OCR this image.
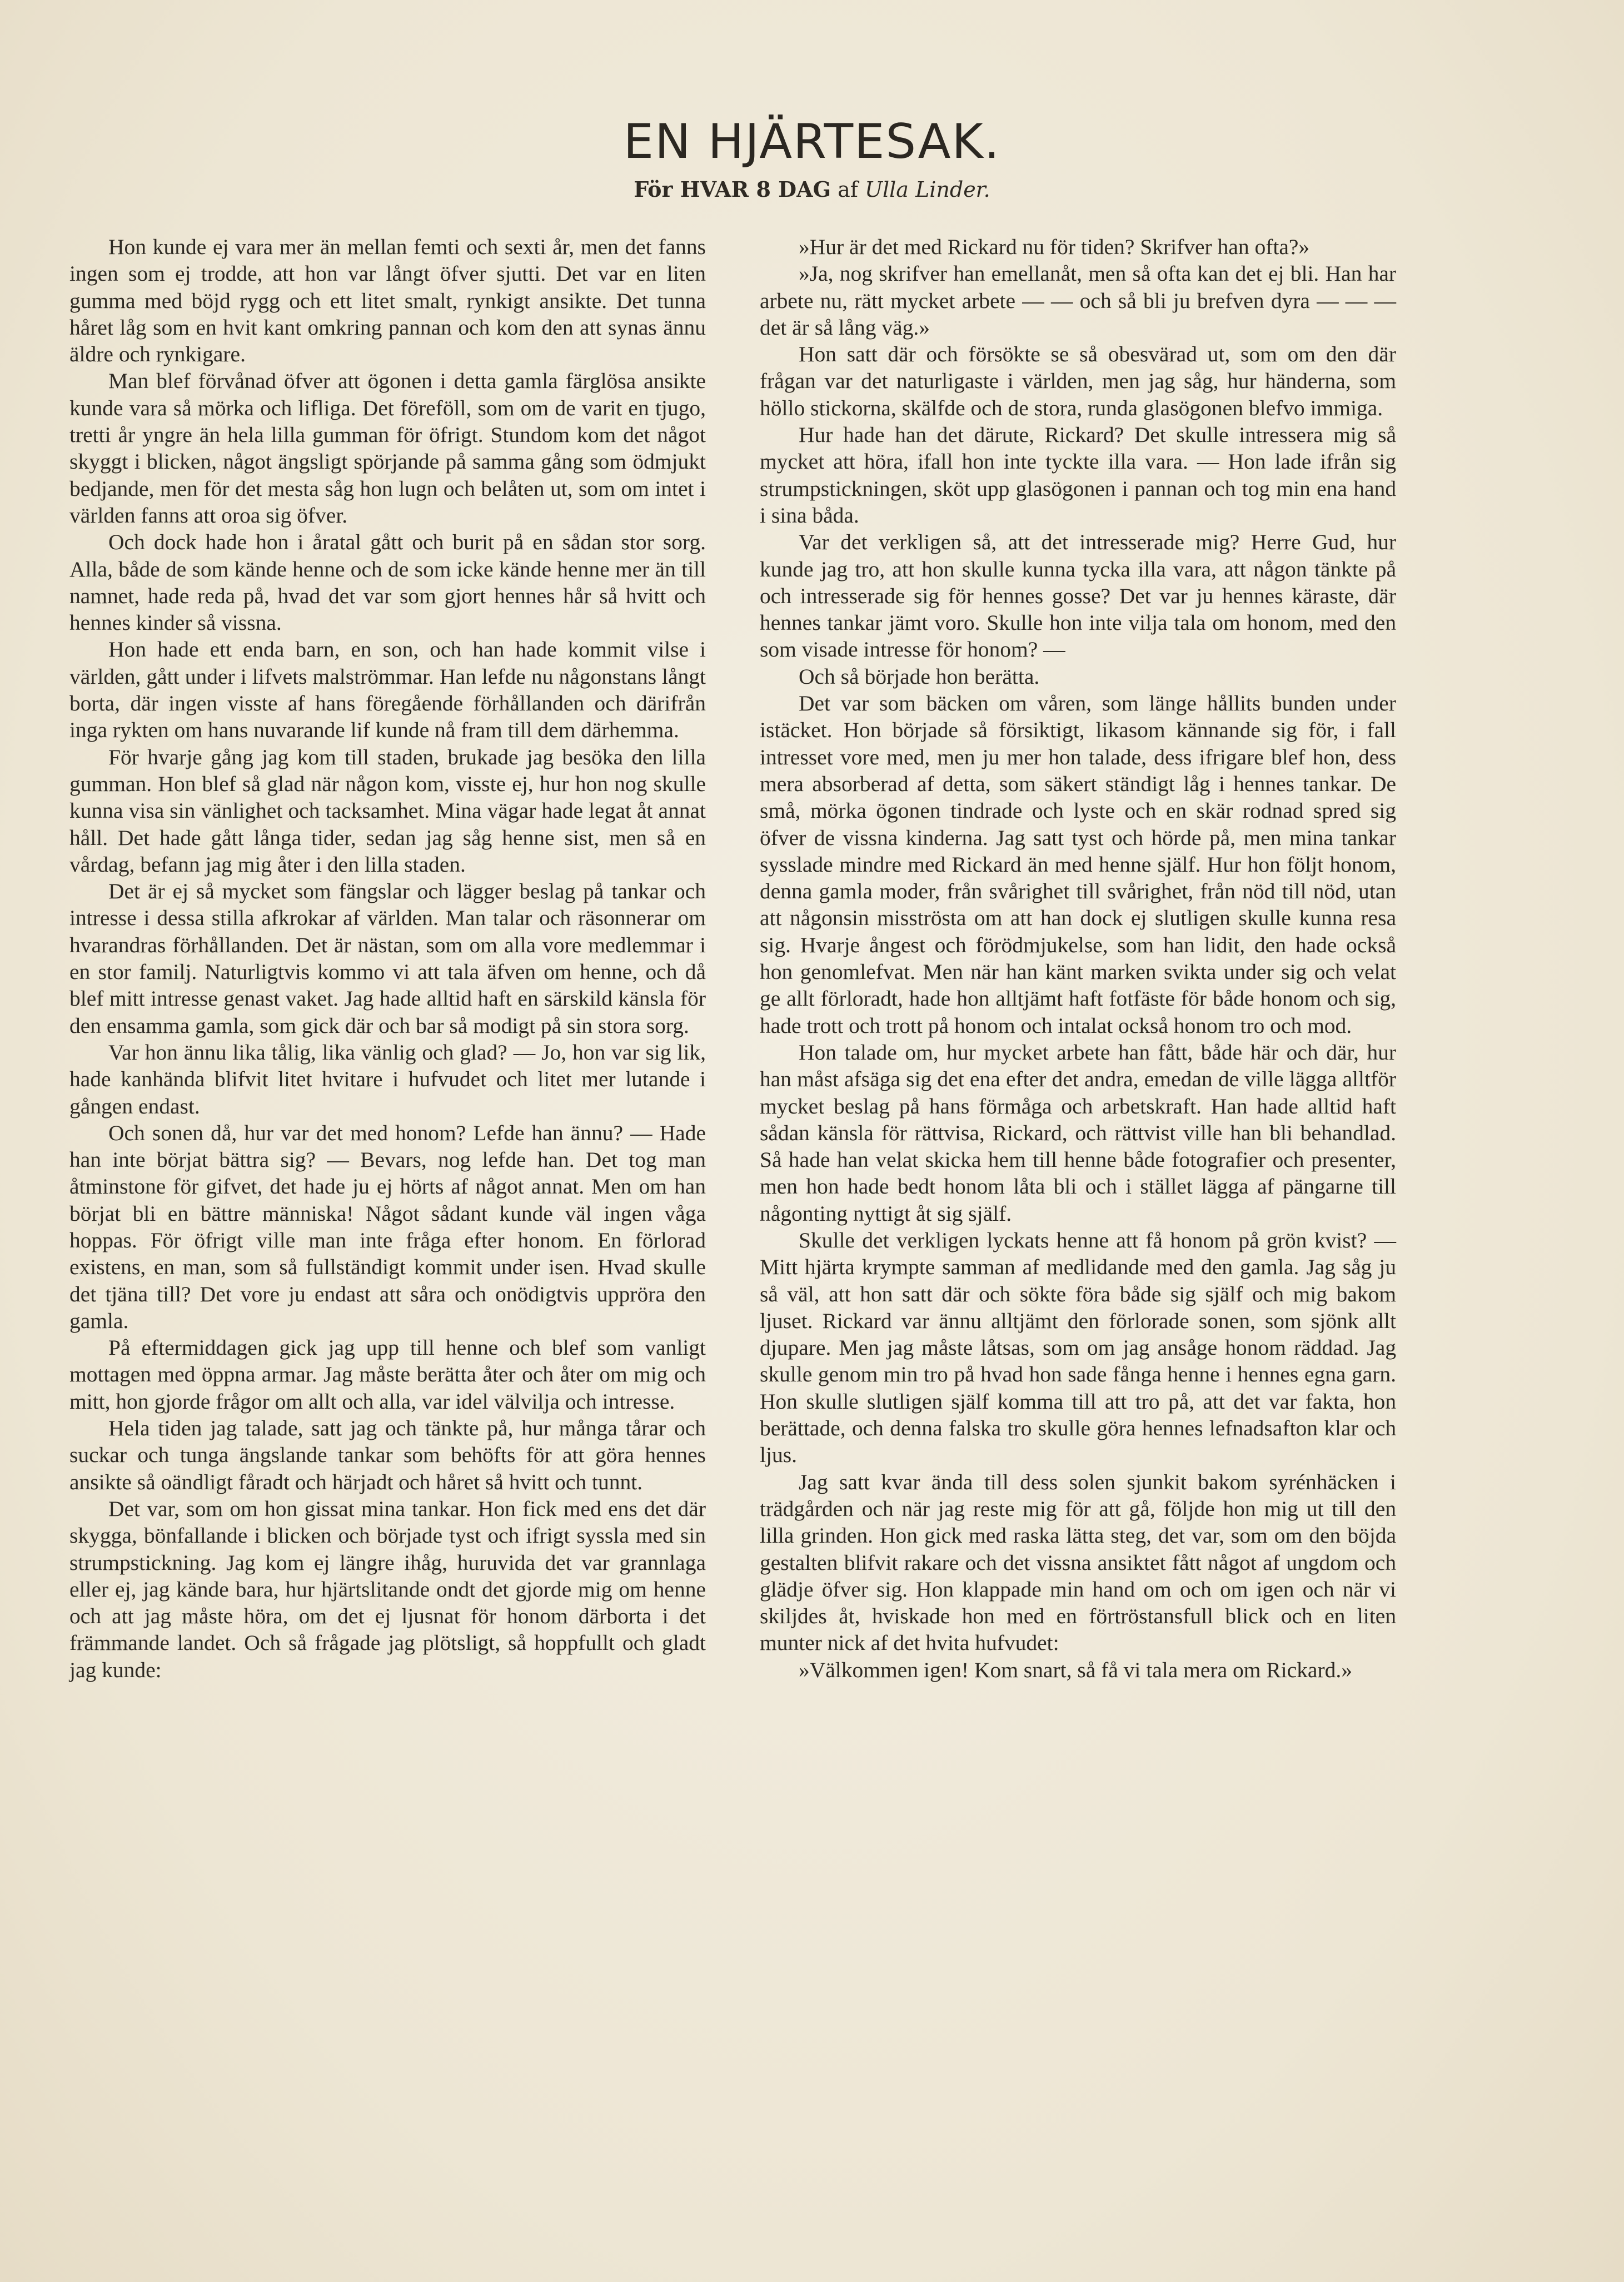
EN HJÄRTESAK.
För HVAR 8 DAG af Ulla Linder.

Hon kunde ej vara mer än mellan femti och sexti år, men det fanns ingen som ej trodde, att hon var långt öfver sjutti. Det var en liten gumma med böjd rygg och ett litet smalt, rynkigt ansikte. Det tunna håret låg som en hvit kant omkring pannan och kom den att synas ännu äldre och rynkigare.

Man blef förvånad öfver att ögonen i detta gamla färglösa ansikte kunde vara så mörka och lifliga. Det föreföll, som om de varit en tjugo, tretti år yngre än hela lilla gumman för öfrigt. Stundom kom det något skyggt i blicken, något ängsligt spörjande på samma gång som ödmjukt bedjande, men för det mesta såg hon lugn och belåten ut, som om intet i världen fanns att oroa sig öfver.

Och dock hade hon i åratal gått och burit på en sådan stor sorg. Alla, både de som kände henne och de som icke kände henne mer än till namnet, hade reda på, hvad det var som gjort hennes hår så hvitt och hennes kinder så vissna.

Hon hade ett enda barn, en son, och han hade kommit vilse i världen, gått under i lifvets malströmmar. Han lefde nu någonstans långt borta, där ingen visste af hans föregående förhållanden och därifrån inga rykten om hans nuvarande lif kunde nå fram till dem därhemma.

För hvarje gång jag kom till staden, brukade jag besöka den lilla gumman. Hon blef så glad när någon kom, visste ej, hur hon nog skulle kunna visa sin vänlighet och tacksamhet. Mina vägar hade legat åt annat håll. Det hade gått långa tider, sedan jag såg henne sist, men så en vårdag, befann jag mig åter i den lilla staden.

Det är ej så mycket som fängslar och lägger beslag på tankar och intresse i dessa stilla afkrokar af världen. Man talar och räsonnerar om hvarandras förhållanden. Det är nästan, som om alla vore medlemmar i en stor familj. Naturligtvis kommo vi att tala äfven om henne, och då blef mitt intresse genast vaket. Jag hade alltid haft en särskild känsla för den ensamma gamla, som gick där och bar så modigt på sin stora sorg.

Var hon ännu lika tålig, lika vänlig och glad? — Jo, hon var sig lik, hade kanhända blifvit litet hvitare i hufvudet och litet mer lutande i gången endast.

Och sonen då, hur var det med honom? Lefde han ännu? — Hade han inte börjat bättra sig? — Bevars, nog lefde han. Det tog man åtminstone för gifvet, det hade ju ej hörts af något annat. Men om han börjat bli en bättre människa! Något sådant kunde väl ingen våga hoppas. För öfrigt ville man inte fråga efter honom. En förlorad existens, en man, som så fullständigt kommit under isen. Hvad skulle det tjäna till? Det vore ju endast att såra och onödigtvis uppröra den gamla.

På eftermiddagen gick jag upp till henne och blef som vanligt mottagen med öppna armar. Jag måste berätta åter och åter om mig och mitt, hon gjorde frågor om allt och alla, var idel välvilja och intresse.

Hela tiden jag talade, satt jag och tänkte på, hur många tårar och suckar och tunga ängslande tankar som behöfts för att göra hennes ansikte så oändligt fåradt och härjadt och håret så hvitt och tunnt.

Det var, som om hon gissat mina tankar. Hon fick med ens det där skygga, bönfallande i blicken och började tyst och ifrigt syssla med sin strumpstickning. Jag kom ej längre ihåg, huruvida det var grannlaga eller ej, jag kände bara, hur hjärtslitande ondt det gjorde mig om henne och att jag måste höra, om det ej ljusnat för honom därborta i det främmande landet. Och så frågade jag plötsligt, så hoppfullt och gladt jag kunde:

»Hur är det med Rickard nu för tiden? Skrifver han ofta?»

»Ja, nog skrifver han emellanåt, men så ofta kan det ej bli. Han har arbete nu, rätt mycket arbete — — och så bli ju brefven dyra — — — det är så lång väg.»

Hon satt där och försökte se så obesvärad ut, som om den där frågan var det naturligaste i världen, men jag såg, hur händerna, som höllo stickorna, skälfde och de stora, runda glasögonen blefvo immiga.

Hur hade han det därute, Rickard? Det skulle intressera mig så mycket att höra, ifall hon inte tyckte illa vara. — Hon lade ifrån sig strumpstickningen, sköt upp glasögonen i pannan och tog min ena hand i sina båda.

Var det verkligen så, att det intresserade mig? Herre Gud, hur kunde jag tro, att hon skulle kunna tycka illa vara, att någon tänkte på och intresserade sig för hennes gosse? Det var ju hennes käraste, där hennes tankar jämt voro. Skulle hon inte vilja tala om honom, med den som visade intresse för honom? —

Och så började hon berätta.

Det var som bäcken om våren, som länge hållits bunden under istäcket. Hon började så försiktigt, likasom kännande sig för, i fall intresset vore med, men ju mer hon talade, dess ifrigare blef hon, dess mera absorberad af detta, som säkert ständigt låg i hennes tankar. De små, mörka ögonen tindrade och lyste och en skär rodnad spred sig öfver de vissna kinderna. Jag satt tyst och hörde på, men mina tankar sysslade mindre med Rickard än med henne själf. Hur hon följt honom, denna gamla moder, från svårighet till svårighet, från nöd till nöd, utan att någonsin misströsta om att han dock ej slutligen skulle kunna resa sig. Hvarje ångest och förödmjukelse, som han lidit, den hade också hon genomlefvat. Men när han känt marken svikta under sig och velat ge allt förloradt, hade hon alltjämt haft fotfäste för både honom och sig, hade trott och trott på honom och intalat också honom tro och mod.

Hon talade om, hur mycket arbete han fått, både här och där, hur han måst afsäga sig det ena efter det andra, emedan de ville lägga alltför mycket beslag på hans förmåga och arbetskraft. Han hade alltid haft sådan känsla för rättvisa, Rickard, och rättvist ville han bli behandlad. Så hade han velat skicka hem till henne både fotografier och presenter, men hon hade bedt honom låta bli och i stället lägga af pängarne till någonting nyttigt åt sig själf.

Skulle det verkligen lyckats henne att få honom på grön kvist? — Mitt hjärta krympte samman af medlidande med den gamla. Jag såg ju så väl, att hon satt där och sökte föra både sig själf och mig bakom ljuset. Rickard var ännu alltjämt den förlorade sonen, som sjönk allt djupare. Men jag måste låtsas, som om jag ansåge honom räddad. Jag skulle genom min tro på hvad hon sade fånga henne i hennes egna garn. Hon skulle slutligen själf komma till att tro på, att det var fakta, hon berättade, och denna falska tro skulle göra hennes lefnadsafton klar och ljus.

Jag satt kvar ända till dess solen sjunkit bakom syrénhäcken i trädgården och när jag reste mig för att gå, följde hon mig ut till den lilla grinden. Hon gick med raska lätta steg, det var, som om den böjda gestalten blifvit rakare och det vissna ansiktet fått något af ungdom och glädje öfver sig. Hon klappade min hand om och om igen och när vi skiljdes åt, hviskade hon med en förtröstansfull blick och en liten munter nick af det hvita hufvudet:

»Välkommen igen! Kom snart, så få vi tala mera om Rickard.»
